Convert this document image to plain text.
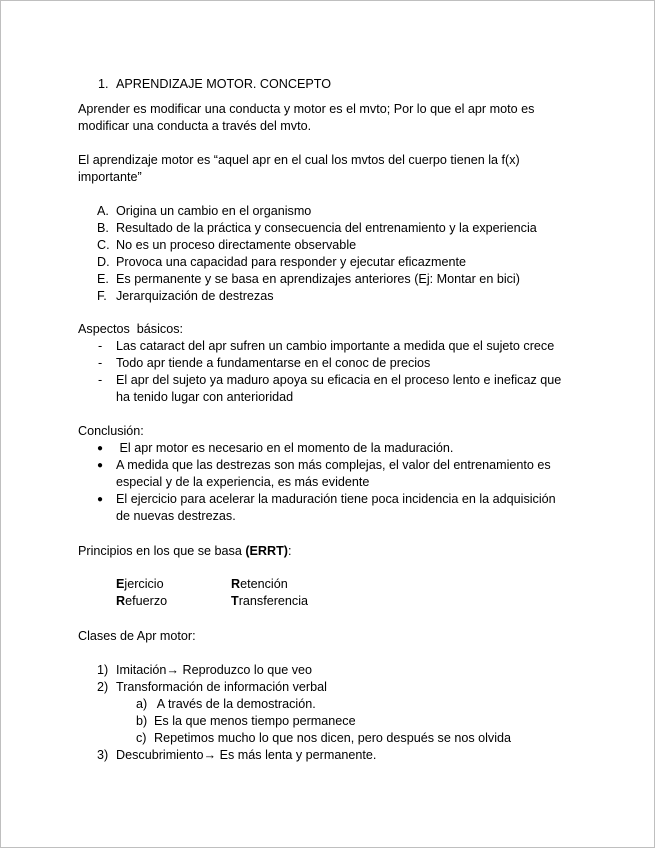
1. APRENDIZAJE MOTOR. CONCEPTO
Aprender es modificar una conducta y motor es el mvto; Por lo que el apr moto es
modificar una conducta a través del mvto.
El aprendizaje motor es “aquel apr en el cual los mvtos del cuerpo tienen la f(x)
importante”
A. Origina un cambio en el organismo
B. Resultado de la práctica y consecuencia del entrenamiento y la experiencia
C. No es un proceso directamente observable
D. Provoca una capacidad para responder y ejecutar eficazmente
E. Es permanente y se basa en aprendizajes anteriores (Ej: Montar en bici)
F. Jerarquización de destrezas
Aspectos  básicos:
- Las cataract del apr sufren un cambio importante a medida que el sujeto crece
- Todo apr tiende a fundamentarse en el conoc de precios
- El apr del sujeto ya maduro apoya su eficacia en el proceso lento e ineficaz que
ha tenido lugar con anterioridad
Conclusión:
● El apr motor es necesario en el momento de la maduración.
● A medida que las destrezas son más complejas, el valor del entrenamiento es
especial y de la experiencia, es más evidente
● El ejercicio para acelerar la maduración tiene poca incidencia en la adquisición
de nuevas destrezas.
Principios en los que se basa (ERRT):
Ejercicio	Retención
Refuerzo	Transferencia
Clases de Apr motor:
1) Imitación→ Reproduzco lo que veo
2) Transformación de información verbal
a) A través de la demostración.
b) Es la que menos tiempo permanece
c) Repetimos mucho lo que nos dicen, pero después se nos olvida
3) Descubrimiento→ Es más lenta y permanente.
